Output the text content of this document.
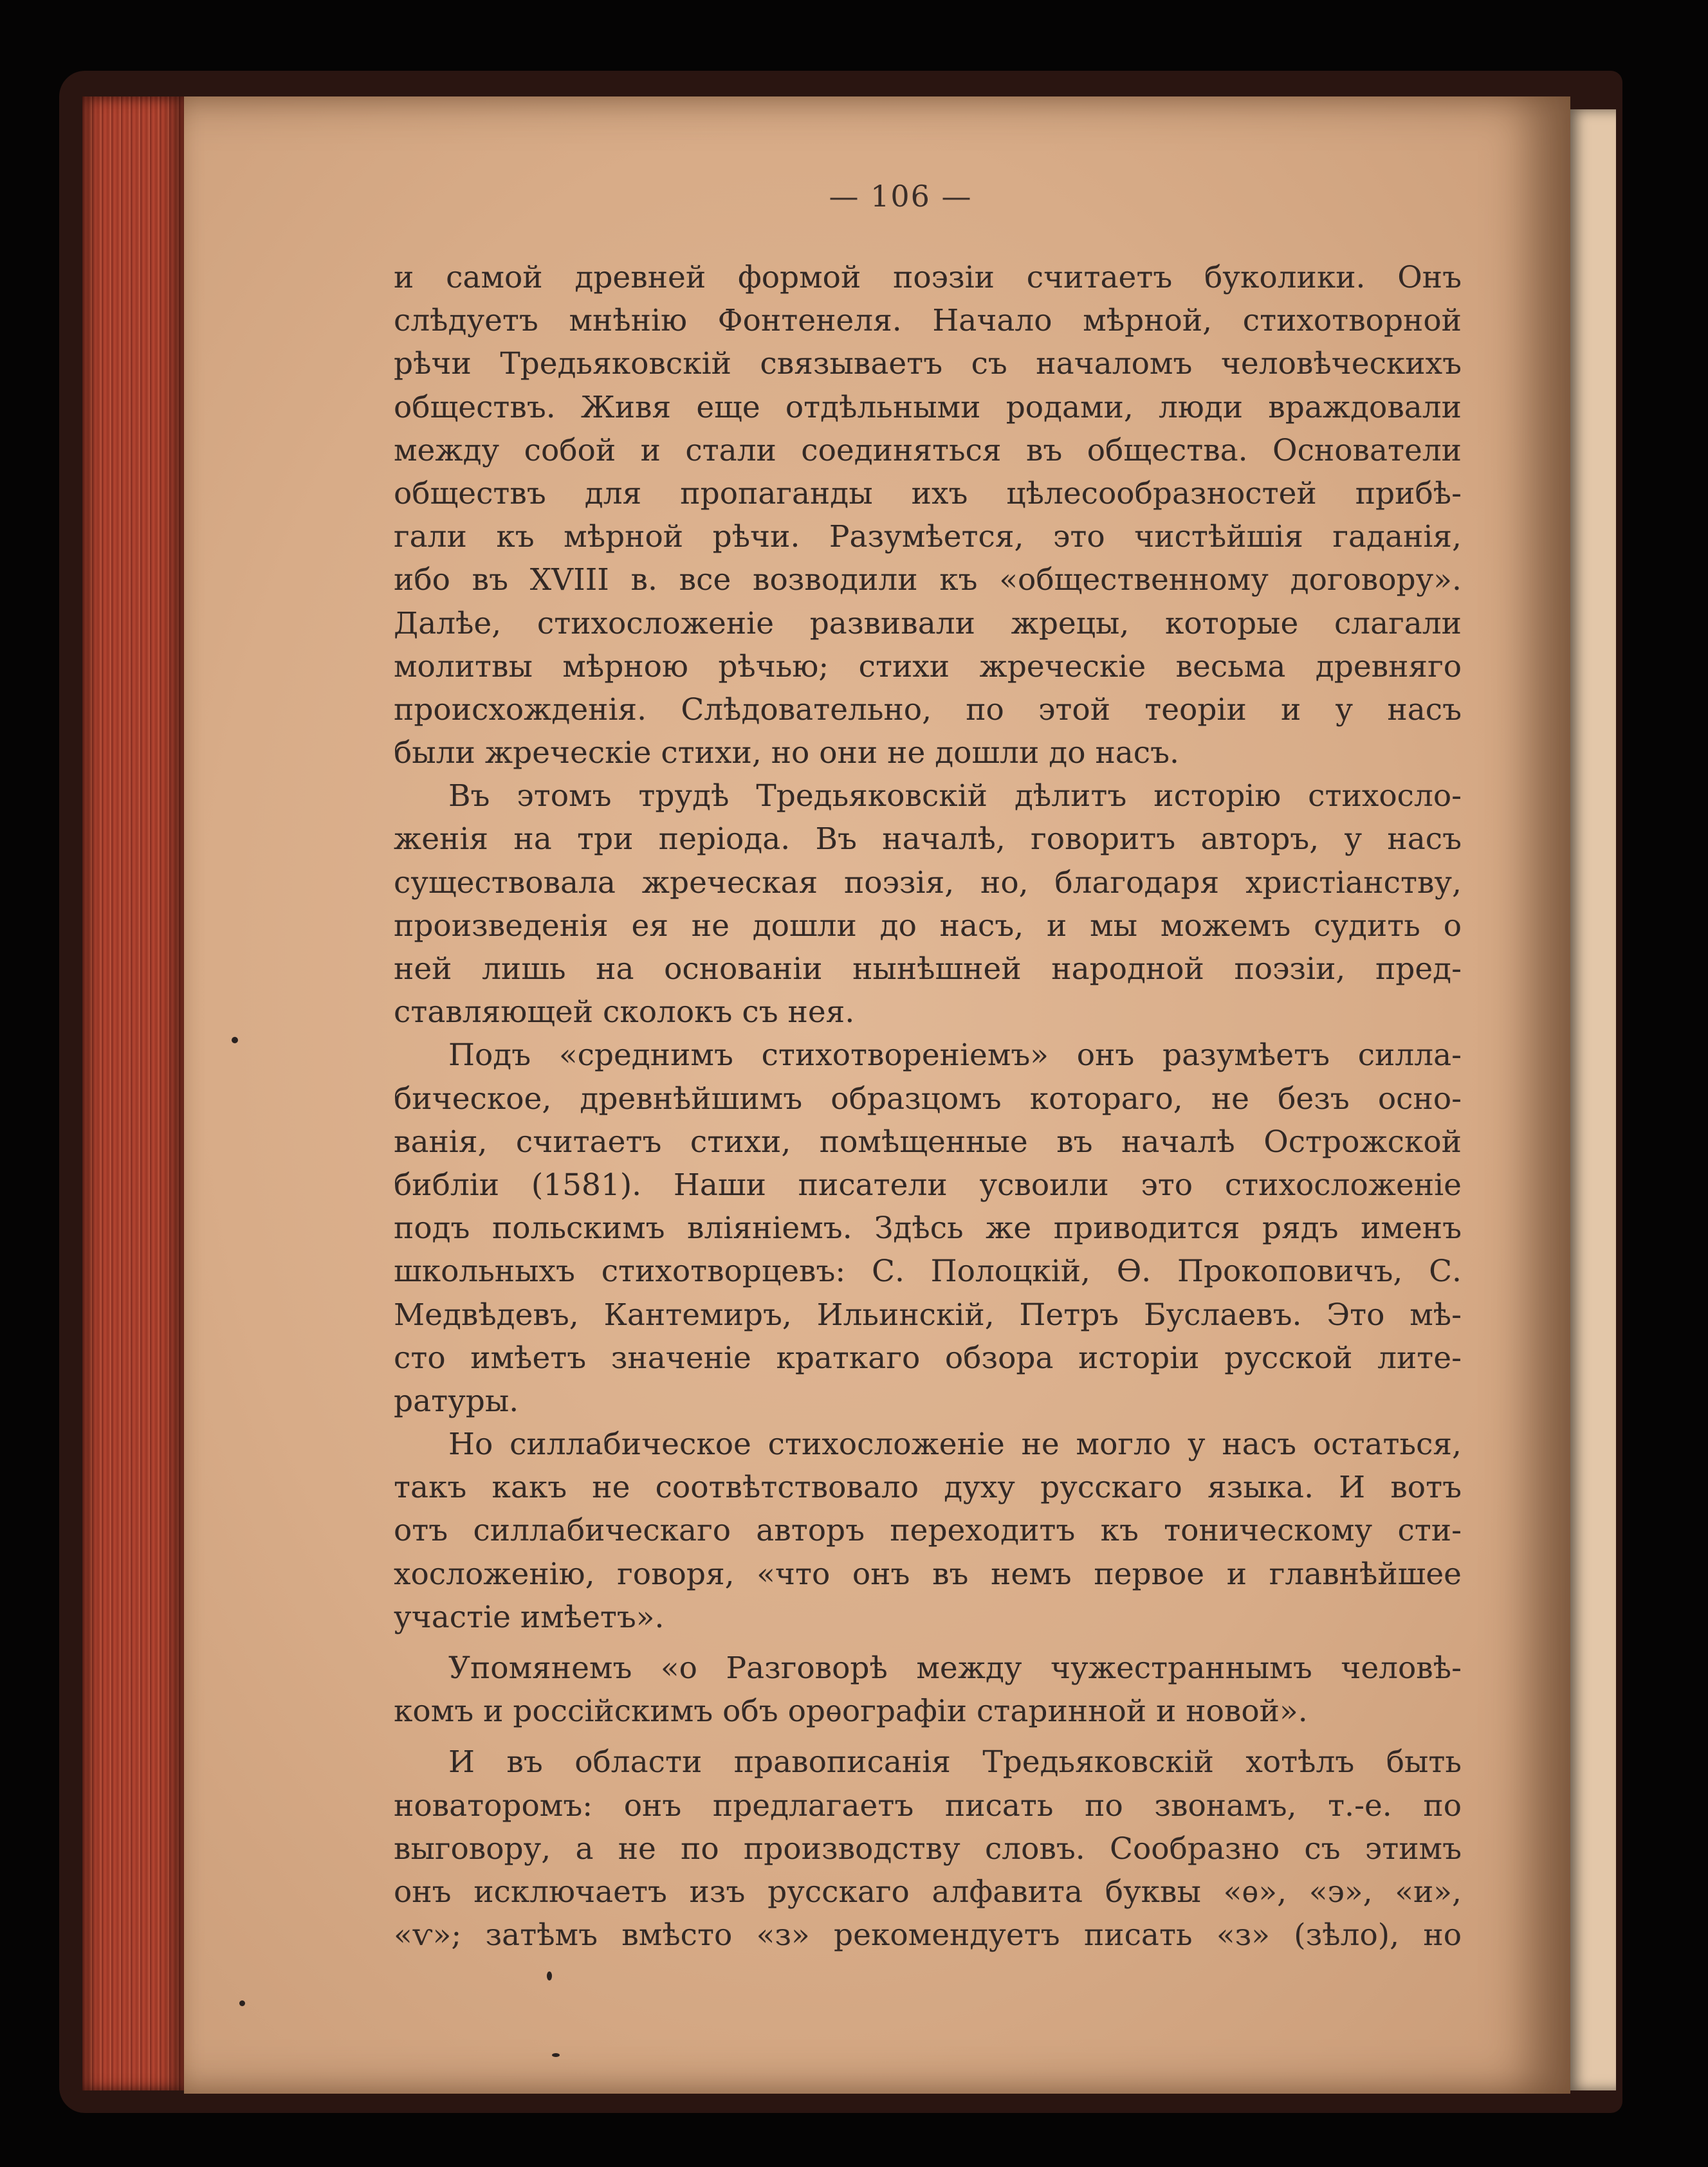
— 106 —
и самой древней формой поэзіи считаетъ буколики. Онъ
слѣдуетъ мнѣнію Фонтенеля. Начало мѣрной, стихотворной
рѣчи Тредьяковскій связываетъ съ началомъ человѣческихъ
обществъ. Живя еще отдѣльными родами, люди враждовали
между собой и стали соединяться въ общества. Основатели
обществъ для пропаганды ихъ цѣлесообразностей прибѣ-
гали къ мѣрной рѣчи. Разумѣется, это чистѣйшія гаданія,
ибо въ XVIII в. все возводили къ «общественному договору».
Далѣе, стихосложеніе развивали жрецы, которые слагали
молитвы мѣрною рѣчью; стихи жреческіе весьма древняго
происхожденія. Слѣдовательно, по этой теоріи и у насъ
были жреческіе стихи, но они не дошли до насъ.
Въ этомъ трудѣ Тредьяковскій дѣлитъ исторію стихосло-
женія на три періода. Въ началѣ, говоритъ авторъ, у насъ
существовала жреческая поэзія, но, благодаря христіанству,
произведенія ея не дошли до насъ, и мы можемъ судить о
ней лишь на основаніи нынѣшней народной поэзіи, пред-
ставляющей сколокъ съ нея.
Подъ «среднимъ стихотвореніемъ» онъ разумѣетъ силла-
бическое, древнѣйшимъ образцомъ котораго, не безъ осно-
ванія, считаетъ стихи, помѣщенные въ началѣ Острожской
библіи (1581). Наши писатели усвоили это стихосложеніе
подъ польскимъ вліяніемъ. Здѣсь же приводится рядъ именъ
школьныхъ стихотворцевъ: С. Полоцкій, Ѳ. Прокоповичъ, С.
Медвѣдевъ, Кантемиръ, Ильинскій, Петръ Буслаевъ. Это мѣ-
сто имѣетъ значеніе краткаго обзора исторіи русской лите-
ратуры.
Но силлабическое стихосложеніе не могло у насъ остаться,
такъ какъ не соотвѣтствовало духу русскаго языка. И вотъ
отъ силлабическаго авторъ переходитъ къ тоническому сти-
хосложенію, говоря, «что онъ въ немъ первое и главнѣйшее
участіе имѣетъ».
Упомянемъ «о Разговорѣ между чужестраннымъ человѣ-
комъ и россійскимъ объ орѳографіи старинной и новой».
И въ области правописанія Тредьяковскій хотѣлъ быть
новаторомъ: онъ предлагаетъ писать по звонамъ, т.-е. по
выговору, а не по производству словъ. Сообразно съ этимъ
онъ исключаетъ изъ русскаго алфавита буквы «ѳ», «э», «и»,
«ѵ»; затѣмъ вмѣсто «з» рекомендуетъ писать «з» (зѣло), но
